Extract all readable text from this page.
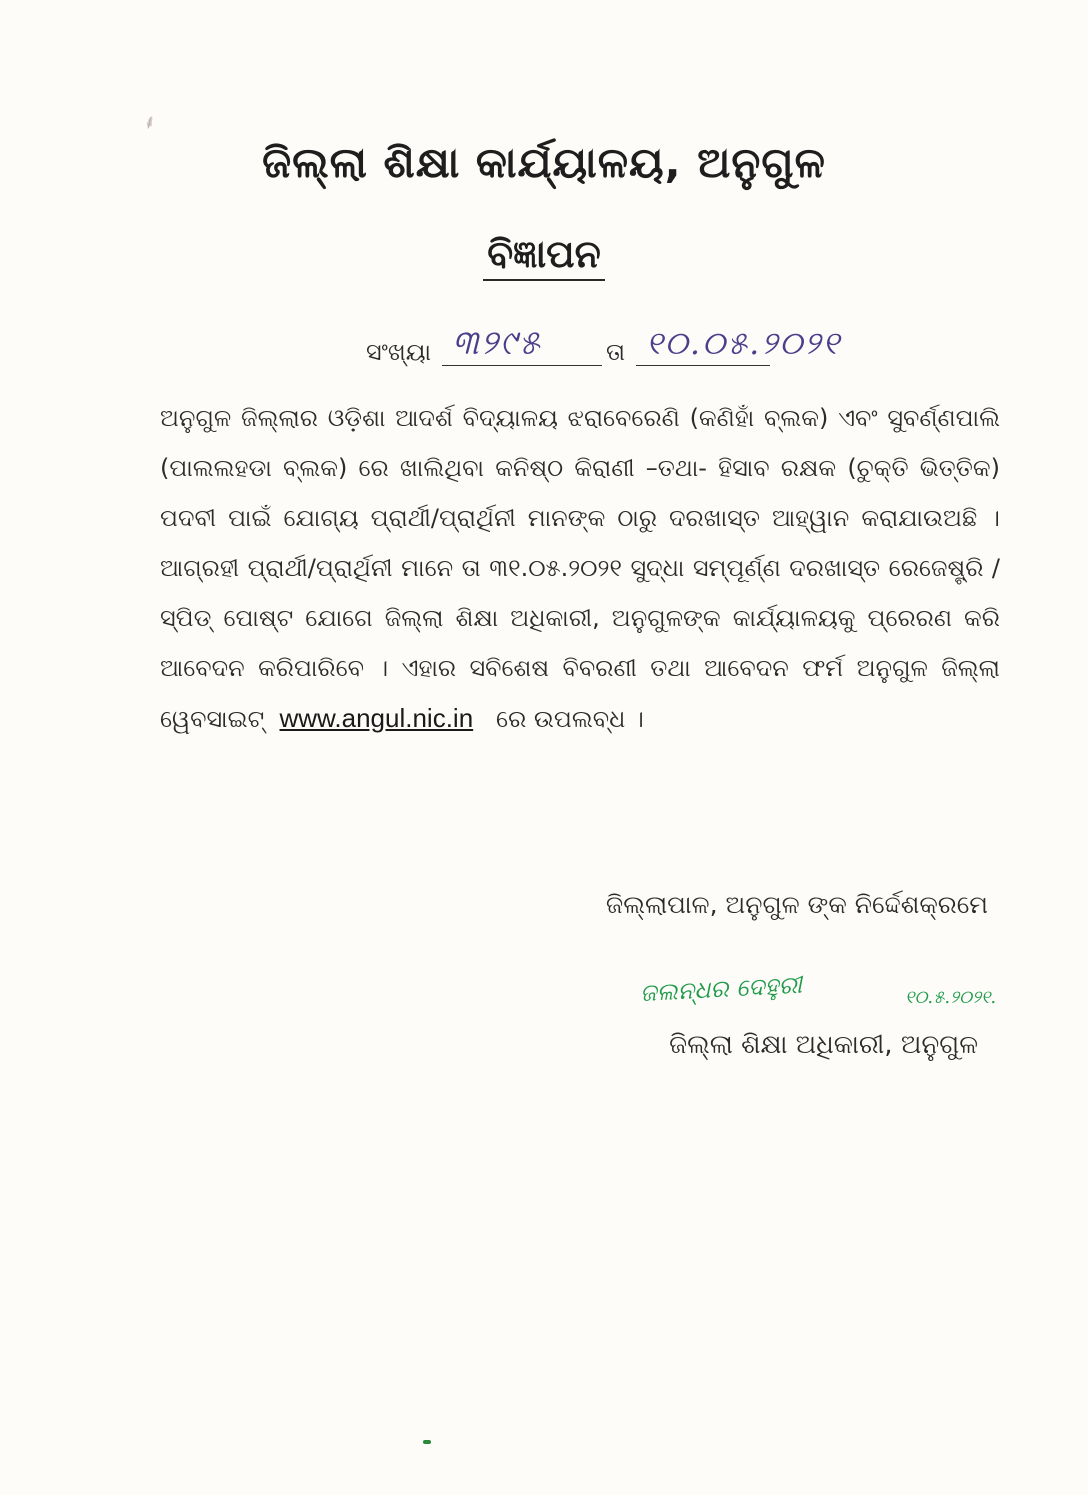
⸙
ଜିଲ୍ଲା ଶିକ୍ଷା କାର୍ଯ୍ୟାଳୟ, ଅନୁଗୁଳ
ବିଜ୍ଞାପନ
ସଂଖ୍ୟା ୩୨୯୫	ତା ୧୦.୦୫.୨୦୨୧
ଅନୁଗୁଳ ଜିଲ୍ଲାର ଓଡ଼ିଶା ଆଦର୍ଶ ବିଦ୍ୟାଳୟ ଝରାବେରେଣି (କଣିହାଁ ବ୍ଲକ) ଏବଂ ସୁବର୍ଣ୍ଣପାଲି (ପାଲଲହଡା ବ୍ଲକ) ରେ ଖାଲିଥିବା କନିଷ୍ଠ କିରାଣୀ –ତଥା- ହିସାବ ରକ୍ଷକ (ଚୁକ୍ତି ଭିତ୍ତିକ) ପଦବୀ ପାଇଁ ଯୋଗ୍ୟ ପ୍ରାର୍ଥୀ/ପ୍ରାର୍ଥିନୀ ମାନଙ୍କ ଠାରୁ ଦରଖାସ୍ତ ଆହ୍ୱାନ କରାଯାଉଅଛି । ଆଗ୍ରହୀ ପ୍ରାର୍ଥୀ/ପ୍ରାର୍ଥିନୀ ମାନେ ତା ୩୧.୦୫.୨୦୨୧ ସୁଦ୍ଧା ସମ୍ପୂର୍ଣ୍ଣ ଦରଖାସ୍ତ ରେଜେଷ୍ଟ୍ରି / ସ୍ପିଡ୍ ପୋଷ୍ଟ ଯୋଗେ ଜିଲ୍ଲା ଶିକ୍ଷା ଅଧିକାରୀ, ଅନୁଗୁଳଙ୍କ କାର୍ଯ୍ୟାଳୟକୁ ପ୍ରେରଣ କରି ଆବେଦନ କରିପାରିବେ । ଏହାର ସବିଶେଷ ବିବରଣୀ ତଥା ଆବେଦନ ଫର୍ମ ଅନୁଗୁଳ ଜିଲ୍ଲା ୱେବସାଇଟ୍ www.angul.nic.in ରେ ଉପଲବ୍ଧ ।
ଜିଲ୍ଲାପାଳ, ଅନୁଗୁଳ ଙ୍କ ନିର୍ଦ୍ଦେଶକ୍ରମେ
ଜଲନ୍ଧର ଦେହୁରୀ	୧୦.୫.୨୦୨୧.
ଜିଲ୍ଲା ଶିକ୍ଷା ଅଧିକାରୀ, ଅନୁଗୁଳ
